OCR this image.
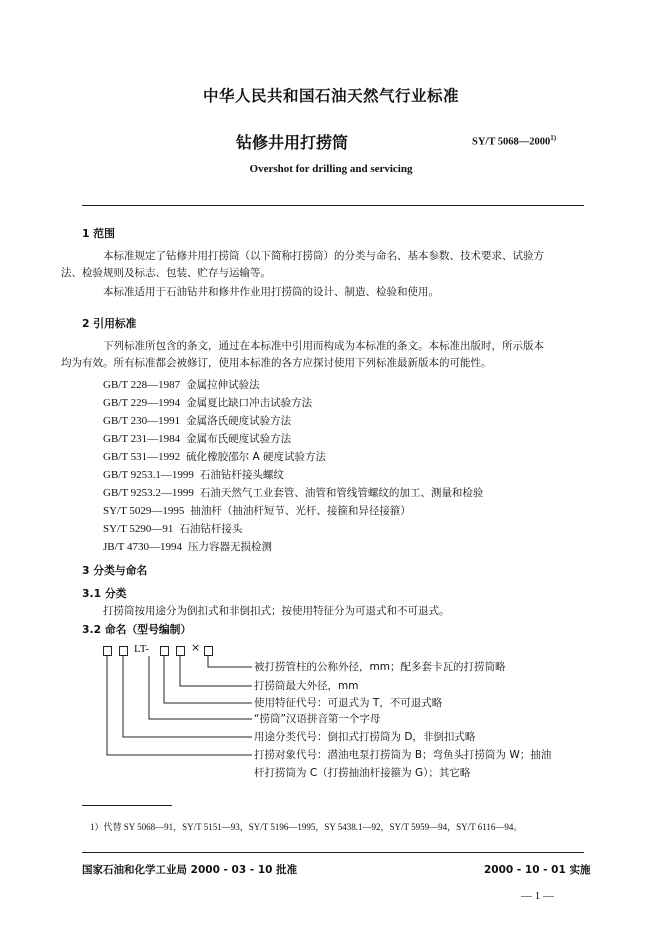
中华人民共和国石油天然气行业标准
钻修井用打捞筒	SY/T 5068—2000$^{1)}$
Overshot for drilling and servicing
1 范围
本标准规定了钻修井用打捞筒（以下简称打捞筒）的分类与命名、基本参数、技术要求、试验方
法、检验规则及标志、包装、贮存与运输等。
本标准适用于石油钻井和修井作业用打捞筒的设计、制造、检验和使用。
2 引用标准
下列标准所包含的条文，通过在本标准中引用而构成为本标准的条文。本标准出版时，所示版本
均为有效。所有标准都会被修订，使用本标准的各方应探讨使用下列标准最新版本的可能性。
GB/T 228—1987 金属拉伸试验法
GB/T 229—1994 金属夏比缺口冲击试验方法
GB/T 230—1991 金属洛氏硬度试验方法
GB/T 231—1984 金属布氏硬度试验方法
GB/T 531—1992 硫化橡胶邵尔 A 硬度试验方法
GB/T 9253.1—1999 石油钻杆接头螺纹
GB/T 9253.2—1999 石油天然气工业套管、油管和管线管螺纹的加工、测量和检验
SY/T 5029—1995 抽油杆（抽油杆短节、光杆、接箍和异径接箍）
SY/T 5290—91 石油钻杆接头
JB/T 4730—1994 压力容器无损检测
3 分类与命名
3.1 分类
打捞筒按用途分为倒扣式和非倒扣式；按使用特征分为可退式和不可退式。
3.2 命名（型号编制）
LT-	×
被打捞管柱的公称外径，mm；配多套卡瓦的打捞筒略
打捞筒最大外径，mm
使用特征代号：可退式为 T，不可退式略
“捞筒”汉语拼音第一个字母
用途分类代号：倒扣式打捞筒为 D，非倒扣式略
打捞对象代号：潜油电泵打捞筒为 B；弯鱼头打捞筒为 W；抽油
杆打捞筒为 C（打捞抽油杆接箍为 G）；其它略
1）代替 SY 5068—91，SY/T 5151—93，SY/T 5196—1995，SY 5438.1—92，SY/T 5959—94，SY/T 6116—94。
国家石油和化学工业局 2000 - 03 - 10 批准	2000 - 10 - 01 实施
— 1 —
